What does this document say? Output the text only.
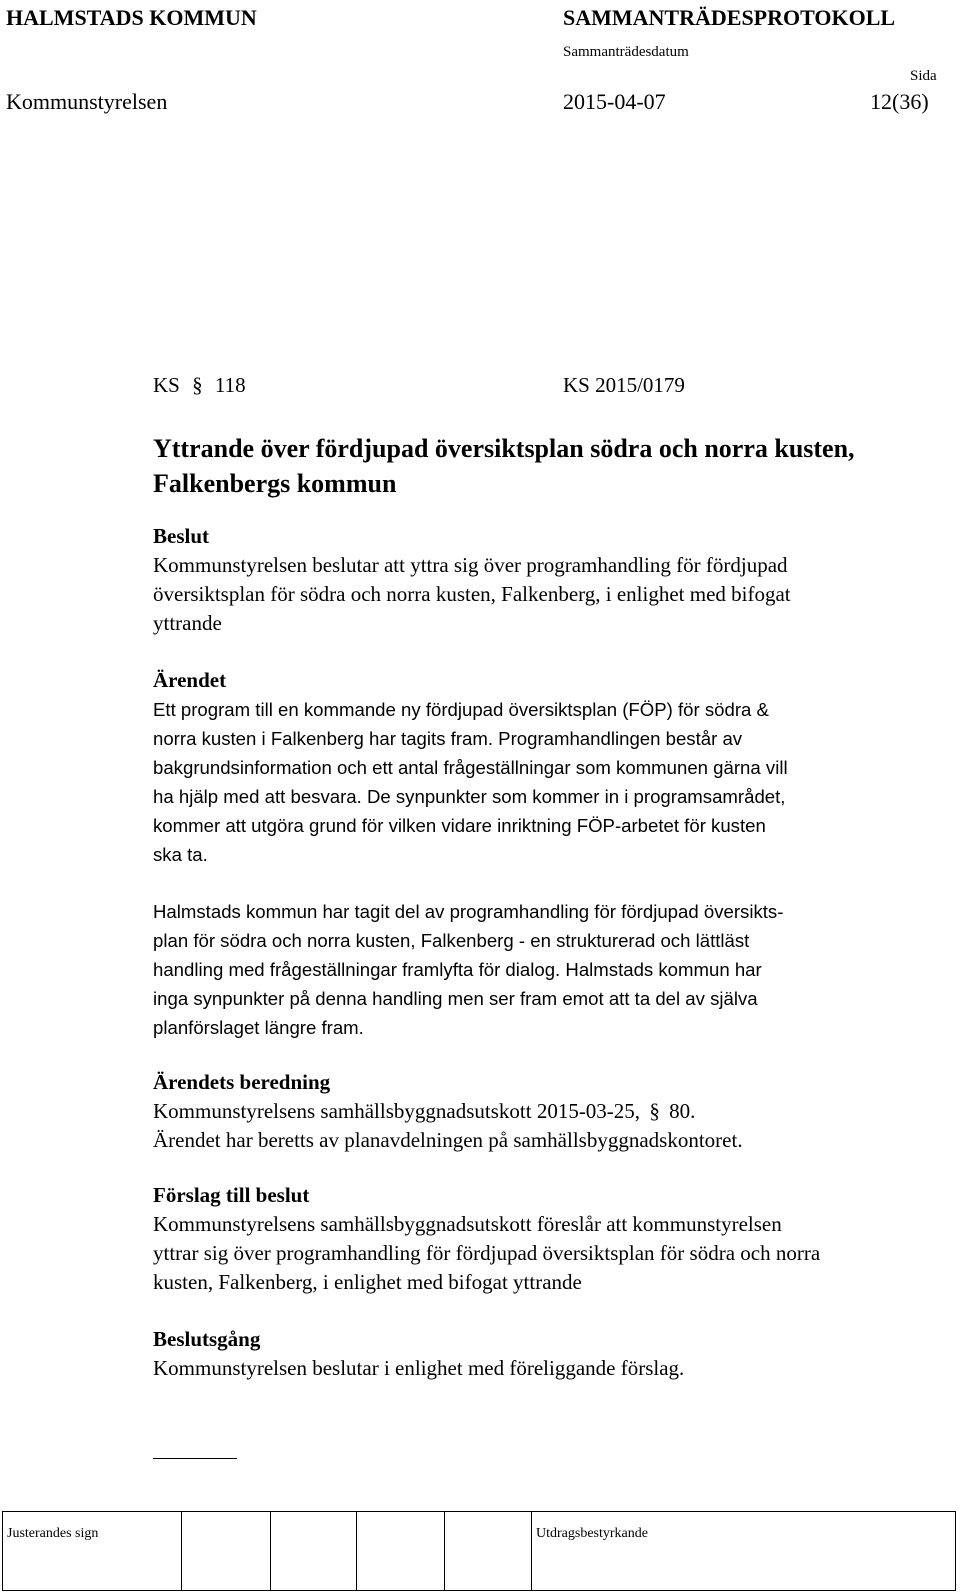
HALMSTADS KOMMUN	SAMMANTRÄDESPROTOKOLL
Sammanträdesdatum
Sida
Kommunstyrelsen	2015-04-07	12(36)
KS § 118	KS 2015/0179

Yttrande över fördjupad översiktsplan södra och norra kusten,

Falkenbergs kommun

Beslut

Kommunstyrelsen beslutar att yttra sig över programhandling för fördjupad

översiktsplan för södra och norra kusten, Falkenberg, i enlighet med bifogat

yttrande

Ärendet

Ett program till en kommande ny fördjupad översiktsplan (FÖP) för södra &

norra kusten i Falkenberg har tagits fram. Programhandlingen består av

bakgrundsinformation och ett antal frågeställningar som kommunen gärna vill

ha hjälp med att besvara. De synpunkter som kommer in i programsamrådet,

kommer att utgöra grund för vilken vidare inriktning FÖP-arbetet för kusten

ska ta.

Halmstads kommun har tagit del av programhandling för fördjupad översikts-

plan för södra och norra kusten, Falkenberg - en strukturerad och lättläst

handling med frågeställningar framlyfta för dialog. Halmstads kommun har

inga synpunkter på denna handling men ser fram emot att ta del av själva

planförslaget längre fram.

Ärendets beredning

Kommunstyrelsens samhällsbyggnadsutskott 2015-03-25, § 80.

Ärendet har beretts av planavdelningen på samhällsbyggnadskontoret.

Förslag till beslut

Kommunstyrelsens samhällsbyggnadsutskott föreslår att kommunstyrelsen

yttrar sig över programhandling för fördjupad översiktsplan för södra och norra

kusten, Falkenberg, i enlighet med bifogat yttrande

Beslutsgång

Kommunstyrelsen beslutar i enlighet med föreliggande förslag.

Justerandes sign	Utdragsbestyrkande
